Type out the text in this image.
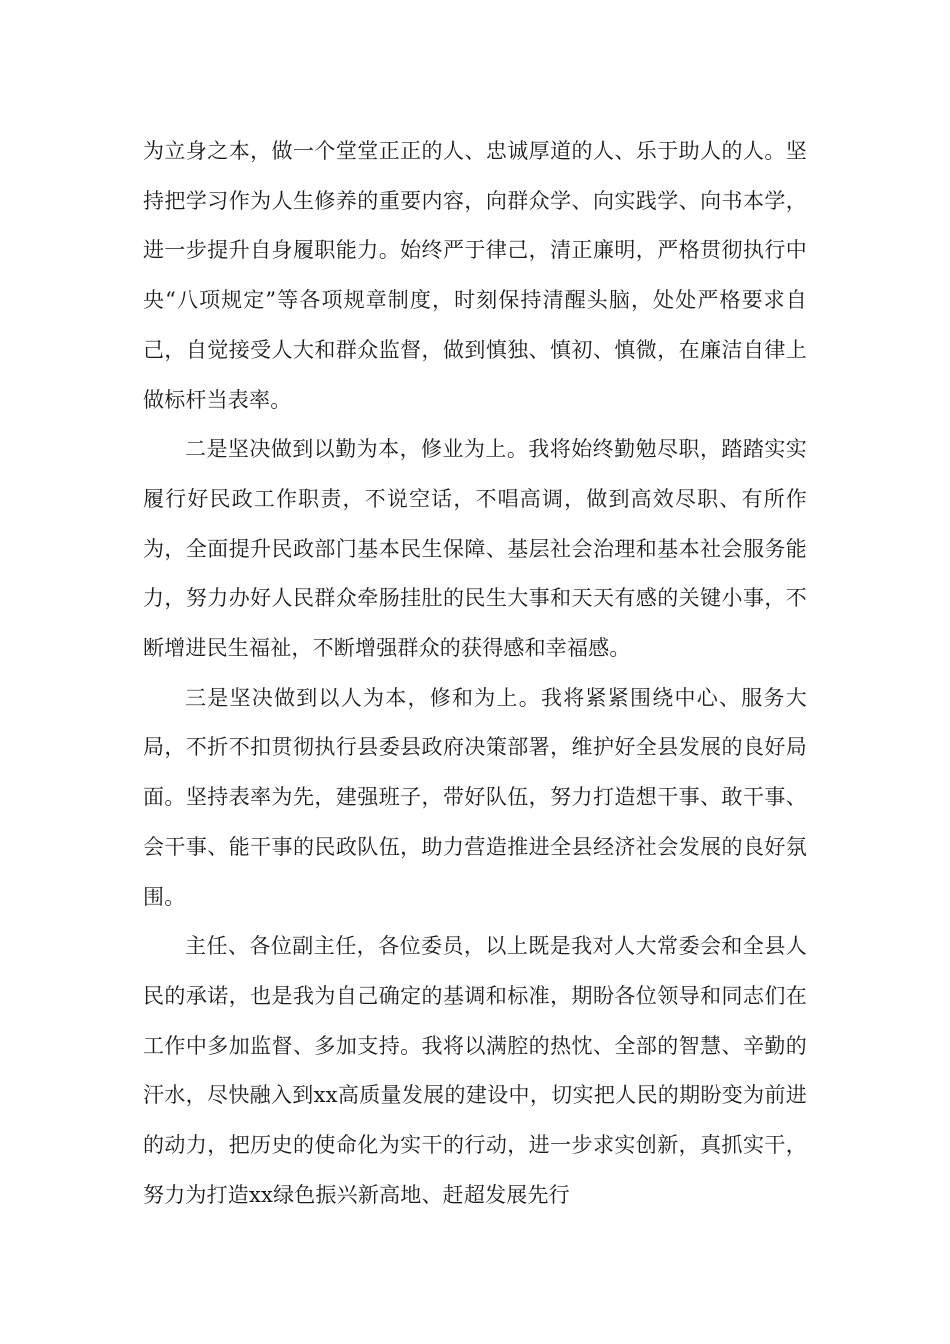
为立身之本，做一个堂堂正正的人、忠诚厚道的人、乐于助人的人。坚持把学习作为人生修养的重要内容，向群众学、向实践学、向书本学，进一步提升自身履职能力。始终严于律己，清正廉明，严格贯彻执行中央“八项规定”等各项规章制度，时刻保持清醒头脑，处处严格要求自己，自觉接受人大和群众监督，做到慎独、慎初、慎微，在廉洁自律上做标杆当表率。

二是坚决做到以勤为本，修业为上。我将始终勤勉尽职，踏踏实实履行好民政工作职责，不说空话，不唱高调，做到高效尽职、有所作为，全面提升民政部门基本民生保障、基层社会治理和基本社会服务能力，努力办好人民群众牵肠挂肚的民生大事和天天有感的关键小事，不断增进民生福祉，不断增强群众的获得感和幸福感。

三是坚决做到以人为本，修和为上。我将紧紧围绕中心、服务大局，不折不扣贯彻执行县委县政府决策部署，维护好全县发展的良好局面。坚持表率为先，建强班子，带好队伍，努力打造想干事、敢干事、会干事、能干事的民政队伍，助力营造推进全县经济社会发展的良好氛围。

主任、各位副主任，各位委员，以上既是我对人大常委会和全县人民的承诺，也是我为自己确定的基调和标准，期盼各位领导和同志们在工作中多加监督、多加支持。我将以满腔的热忱、全部的智慧、辛勤的汗水，尽快融入到xx高质量发展的建设中，切实把人民的期盼变为前进的动力，把历史的使命化为实干的行动，进一步求实创新，真抓实干，努力为打造xx绿色振兴新高地、赶超发展先行
